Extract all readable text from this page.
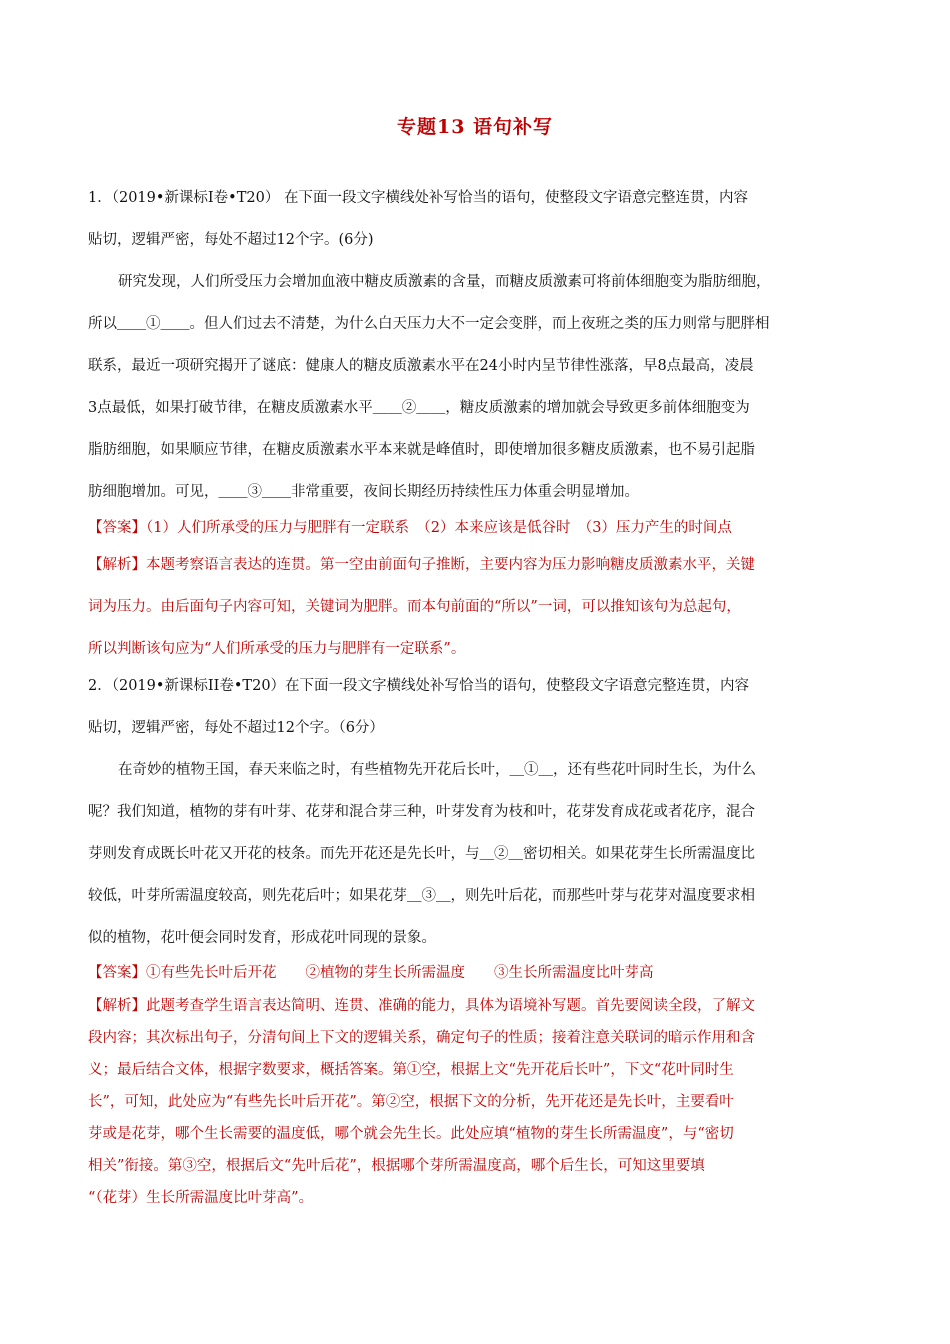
专题13 语句补写
1．（2019•新课标I卷•T20） 在下面一段文字横线处补写恰当的语句，使整段文字语意完整连贯，内容
贴切，逻辑严密，每处不超过12个字。(6分)
研究发现，人们所受压力会增加血液中糖皮质激素的含量，而糖皮质激素可将前体细胞变为脂肪细胞，
所以＿＿①＿＿。但人们过去不清楚，为什么白天压力大不一定会变胖，而上夜班之类的压力则常与肥胖相
联系，最近一项研究揭开了谜底：健康人的糖皮质激素水平在24小时内呈节律性涨落，早8点最高，凌晨
3点最低，如果打破节律，在糖皮质激素水平＿＿②＿＿，糖皮质激素的增加就会导致更多前体细胞变为
脂肪细胞，如果顺应节律，在糖皮质激素水平本来就是峰值时，即使增加很多糖皮质激素，也不易引起脂
肪细胞增加。可见，＿＿③＿＿非常重要，夜间长期经历持续性压力体重会明显增加。
【答案】（1）人们所承受的压力与肥胖有一定联系　（2）本来应该是低谷时　（3）压力产生的时间点
【解析】本题考察语言表达的连贯。第一空由前面句子推断，主要内容为压力影响糖皮质激素水平，关键
词为压力。由后面句子内容可知，关键词为肥胖。而本句前面的“所以”一词，可以推知该句为总起句，
所以判断该句应为“人们所承受的压力与肥胖有一定联系”。
2．（2019•新课标II卷•T20）在下面一段文字横线处补写恰当的语句，使整段文字语意完整连贯，内容
贴切，逻辑严密，每处不超过12个字。（6分）
在奇妙的植物王国，春天来临之时，有些植物先开花后长叶，＿①＿，还有些花叶同时生长，为什么
呢？我们知道，植物的芽有叶芽、花芽和混合芽三种，叶芽发育为枝和叶，花芽发育成花或者花序，混合
芽则发育成既长叶花又开花的枝条。而先开花还是先长叶，与＿②＿密切相关。如果花芽生长所需温度比
较低，叶芽所需温度较高，则先花后叶；如果花芽＿③＿，则先叶后花，而那些叶芽与花芽对温度要求相
似的植物，花叶便会同时发育，形成花叶同现的景象。
【答案】①有些先长叶后开花　　②植物的芽生长所需温度　　③生长所需温度比叶芽高
【解析】此题考查学生语言表达简明、连贯、准确的能力，具体为语境补写题。首先要阅读全段，了解文
段内容；其次标出句子，分清句间上下文的逻辑关系，确定句子的性质；接着注意关联词的暗示作用和含
义；最后结合文体，根据字数要求，概括答案。第①空，根据上文“先开花后长叶”，下文“花叶同时生
长”，可知，此处应为“有些先长叶后开花”。第②空，根据下文的分析，先开花还是先长叶，主要看叶
芽或是花芽，哪个生长需要的温度低，哪个就会先生长。此处应填“植物的芽生长所需温度”，与“密切
相关”衔接。第③空，根据后文“先叶后花”，根据哪个芽所需温度高，哪个后生长，可知这里要填
“（花芽）生长所需温度比叶芽高”。
